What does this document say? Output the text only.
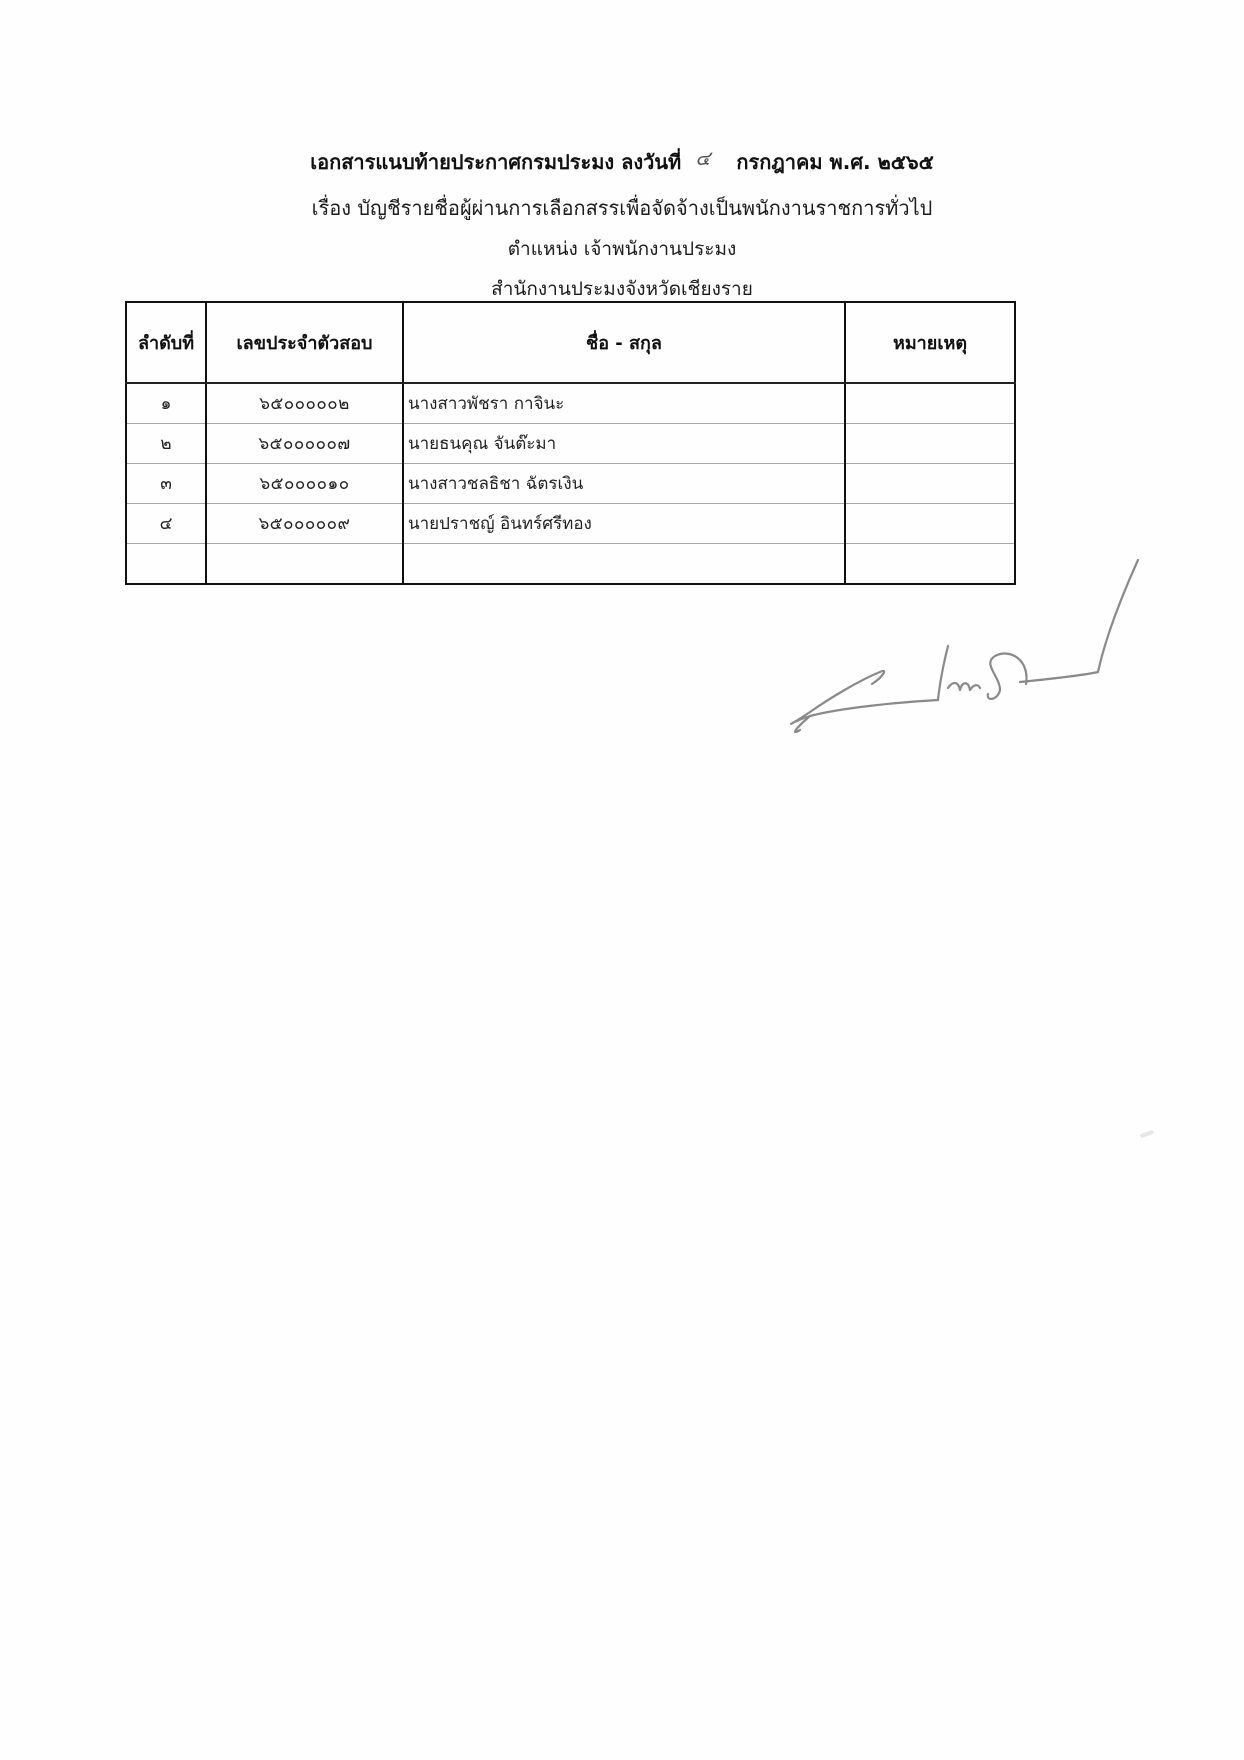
เอกสารแนบท้ายประกาศกรมประมง ลงวันที่ ๔ กรกฎาคม พ.ศ. ๒๕๖๕
เรื่อง บัญชีรายชื่อผู้ผ่านการเลือกสรรเพื่อจัดจ้างเป็นพนักงานราชการทั่วไป
ตำแหน่ง เจ้าพนักงานประมง
สำนักงานประมงจังหวัดเชียงราย
ลำดับที่	เลขประจำตัวสอบ	ชื่อ - สกุล	หมายเหตุ
๑	๖๕๐๐๐๐๐๒	นางสาวพัชรา กาจินะ	
๒	๖๕๐๐๐๐๐๗	นายธนคุณ จันต๊ะมา	
๓	๖๕๐๐๐๐๑๐	นางสาวชลธิชา ฉัตรเงิน	
๔	๖๕๐๐๐๐๐๙	นายปราชญ์ อินทร์ศรีทอง	
